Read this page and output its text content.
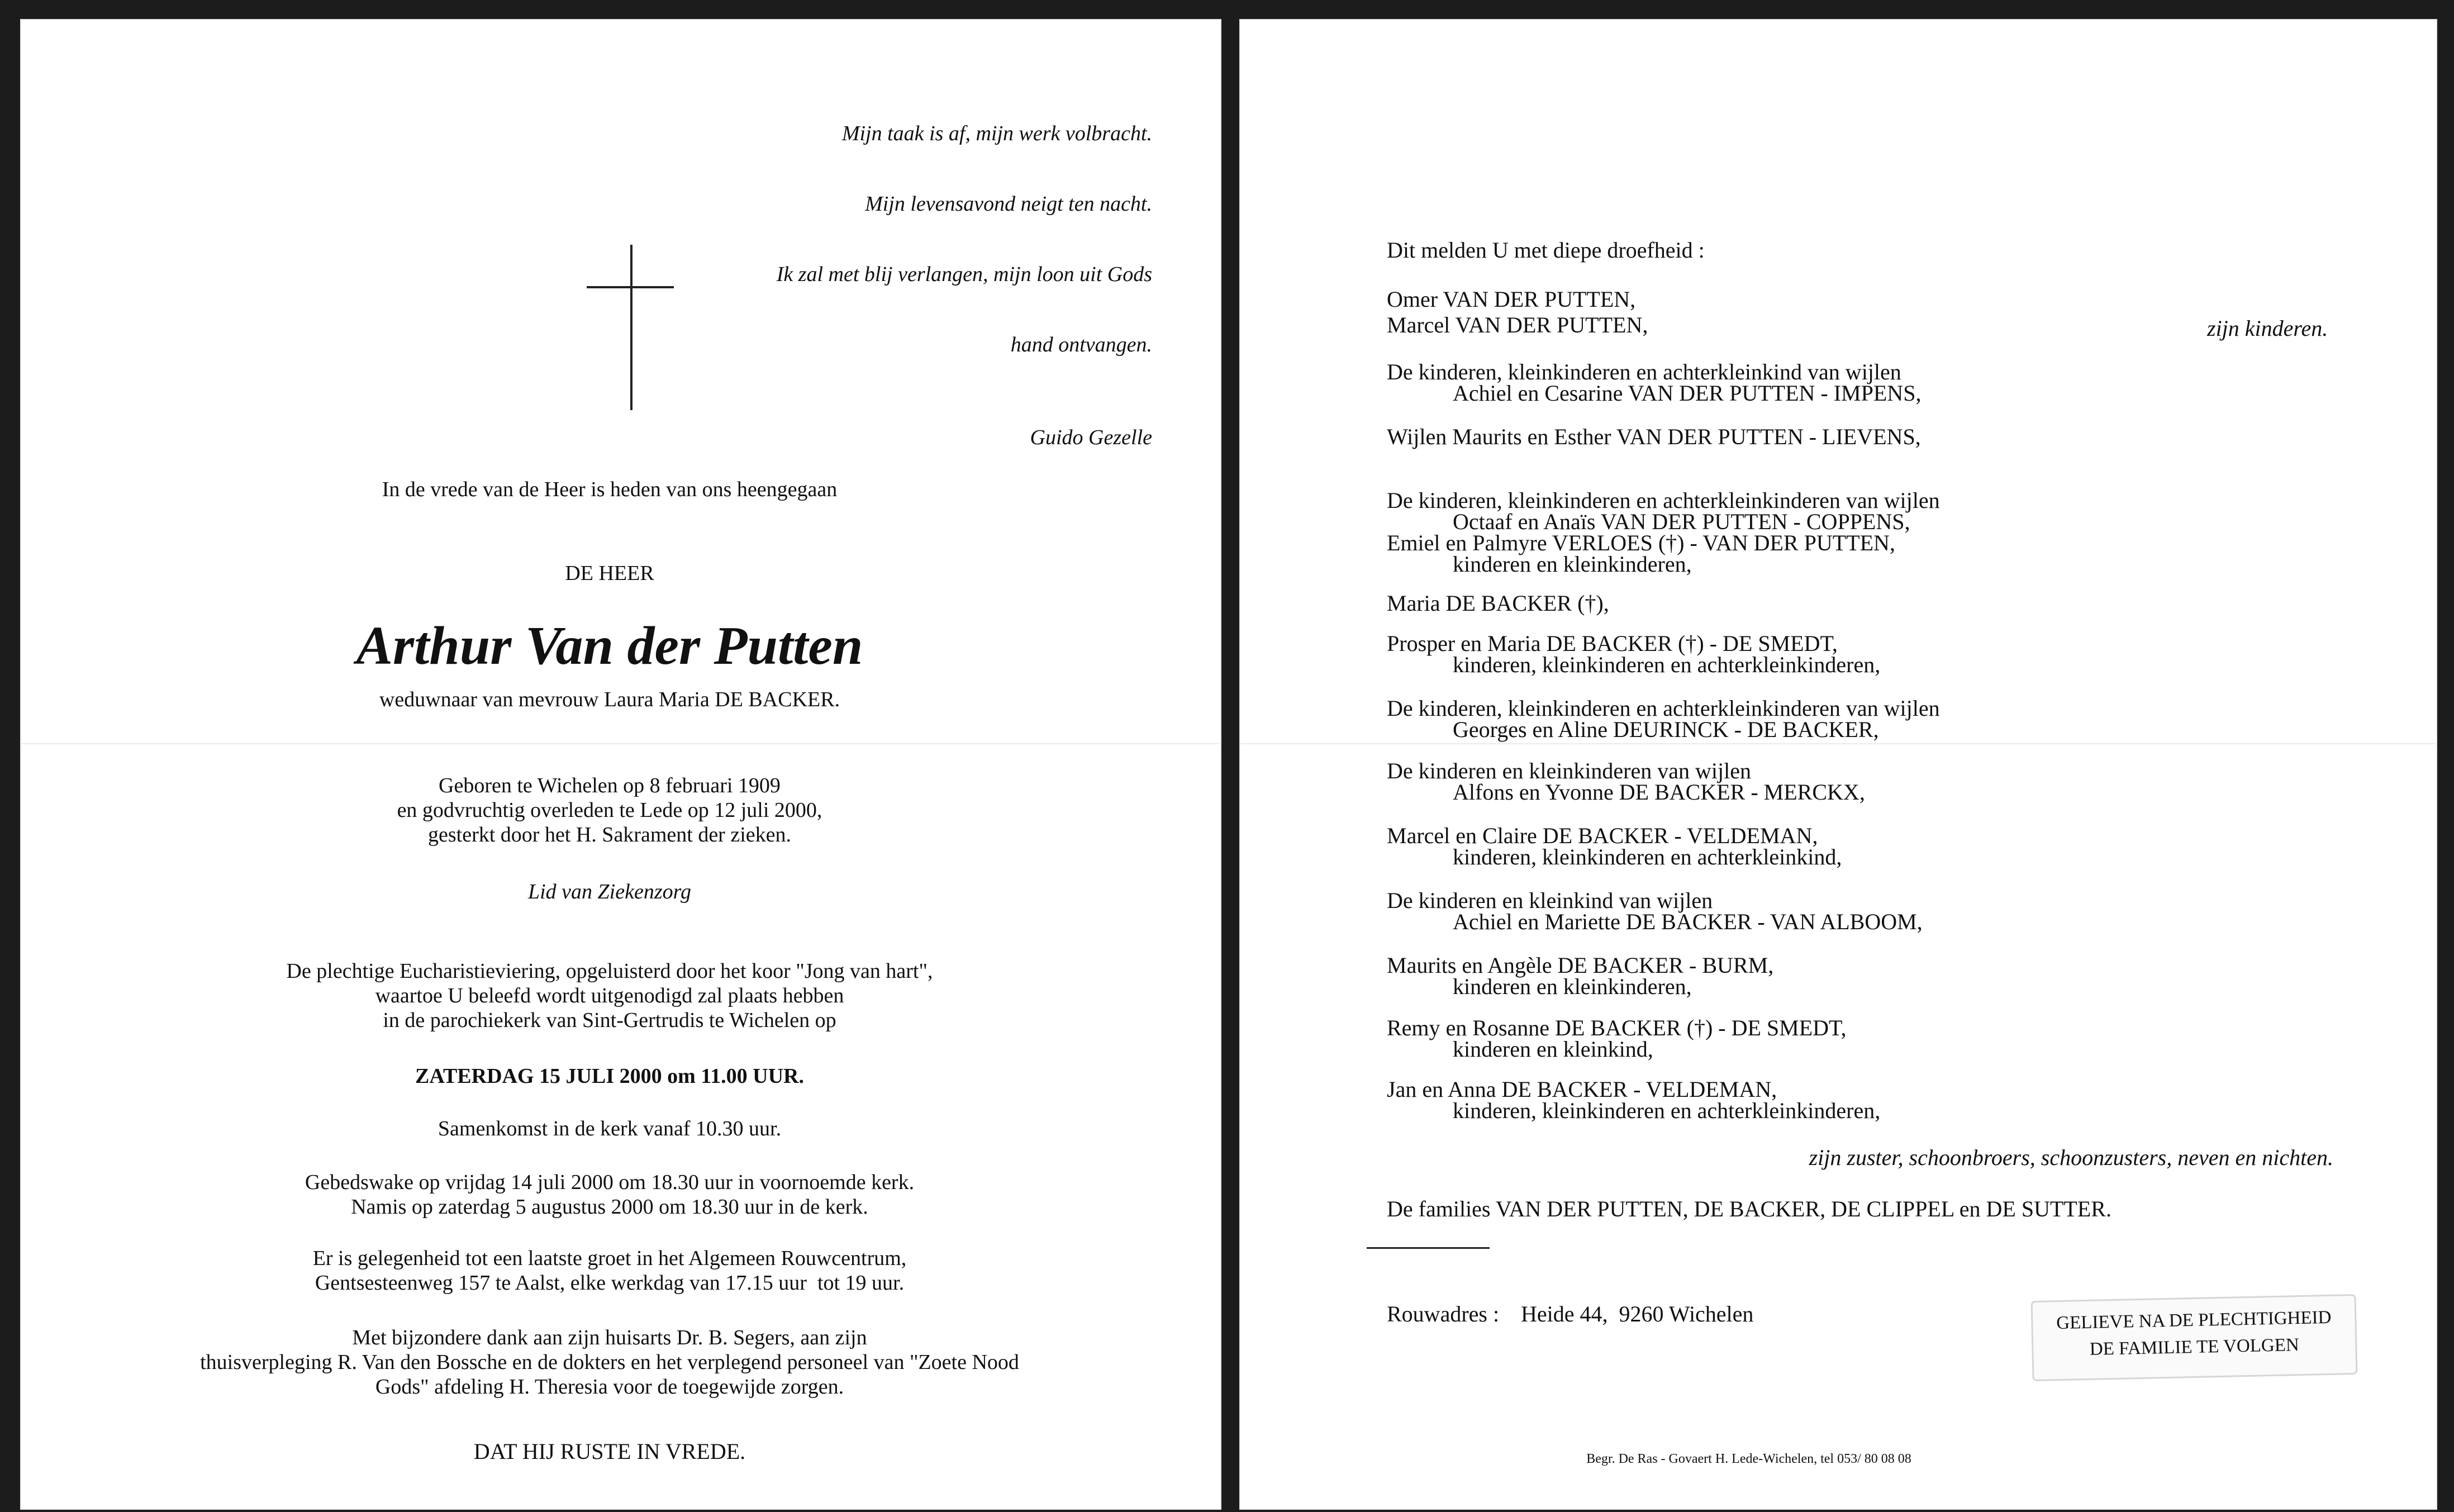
Mijn taak is af, mijn werk volbracht.

Mijn levensavond neigt ten nacht.

Ik zal met blij verlangen, mijn loon uit Gods

hand ontvangen.

Guido Gezelle

In de vrede van de Heer is heden van ons heengegaan
DE HEER
Arthur Van der Putten
weduwnaar van mevrouw Laura Maria DE BACKER.
Geboren te Wichelen op 8 februari 1909
en godvruchtig overleden te Lede op 12 juli 2000,
gesterkt door het H. Sakrament der zieken.
Lid van Ziekenzorg
De plechtige Eucharistieviering, opgeluisterd door het koor "Jong van hart",
waartoe U beleefd wordt uitgenodigd zal plaats hebben
in de parochiekerk van Sint-Gertrudis te Wichelen op
ZATERDAG 15 JULI 2000 om 11.00 UUR.
Samenkomst in de kerk vanaf 10.30 uur.
Gebedswake op vrijdag 14 juli 2000 om 18.30 uur in voornoemde kerk.
Namis op zaterdag 5 augustus 2000 om 18.30 uur in de kerk.
Er is gelegenheid tot een laatste groet in het Algemeen Rouwcentrum,
Gentsesteenweg 157 te Aalst, elke werkdag van 17.15 uur  tot 19 uur.
Met bijzondere dank aan zijn huisarts Dr. B. Segers, aan zijn
thuisverpleging R. Van den Bossche en de dokters en het verplegend personeel van "Zoete Nood
Gods" afdeling H. Theresia voor de toegewijde zorgen.
DAT HIJ RUSTE IN VREDE.
De kinderen, kleinkinderen en achterkleinkind van wijlen
Achiel en Cesarine VAN DER PUTTEN - IMPENS,
Wijlen Maurits en Esther VAN DER PUTTEN - LIEVENS,
De kinderen, kleinkinderen en achterkleinkinderen van wijlen
Octaaf en Anaïs VAN DER PUTTEN - COPPENS,
Emiel en Palmyre VERLOES (†) - VAN DER PUTTEN,
kinderen en kleinkinderen,
Maria DE BACKER (†),
Prosper en Maria DE BACKER (†) - DE SMEDT,
kinderen, kleinkinderen en achterkleinkinderen,
De kinderen, kleinkinderen en achterkleinkinderen van wijlen
Georges en Aline DEURINCK - DE BACKER,
De kinderen en kleinkinderen van wijlen
Alfons en Yvonne DE BACKER - MERCKX,
Marcel en Claire DE BACKER - VELDEMAN,
kinderen, kleinkinderen en achterkleinkind,
De kinderen en kleinkind van wijlen
Achiel en Mariette DE BACKER - VAN ALBOOM,
Maurits en Angèle DE BACKER - BURM,
kinderen en kleinkinderen,
Remy en Rosanne DE BACKER (†) - DE SMEDT,
kinderen en kleinkind,
Jan en Anna DE BACKER - VELDEMAN,
kinderen, kleinkinderen en achterkleinkinderen,
Dit melden U met diepe droefheid :
Omer VAN DER PUTTEN,
Marcel VAN DER PUTTEN,	zijn kinderen.
zijn zuster, schoonbroers, schoonzusters, neven en nichten.
De families VAN DER PUTTEN, DE BACKER, DE CLIPPEL en DE SUTTER.
Rouwadres : Heide 44,  9260 Wichelen	GELIEVE NA DE PLECHTIGHEID
DE FAMILIE TE VOLGEN
Begr. De Ras - Govaert H. Lede-Wichelen, tel 053/ 80 08 08
